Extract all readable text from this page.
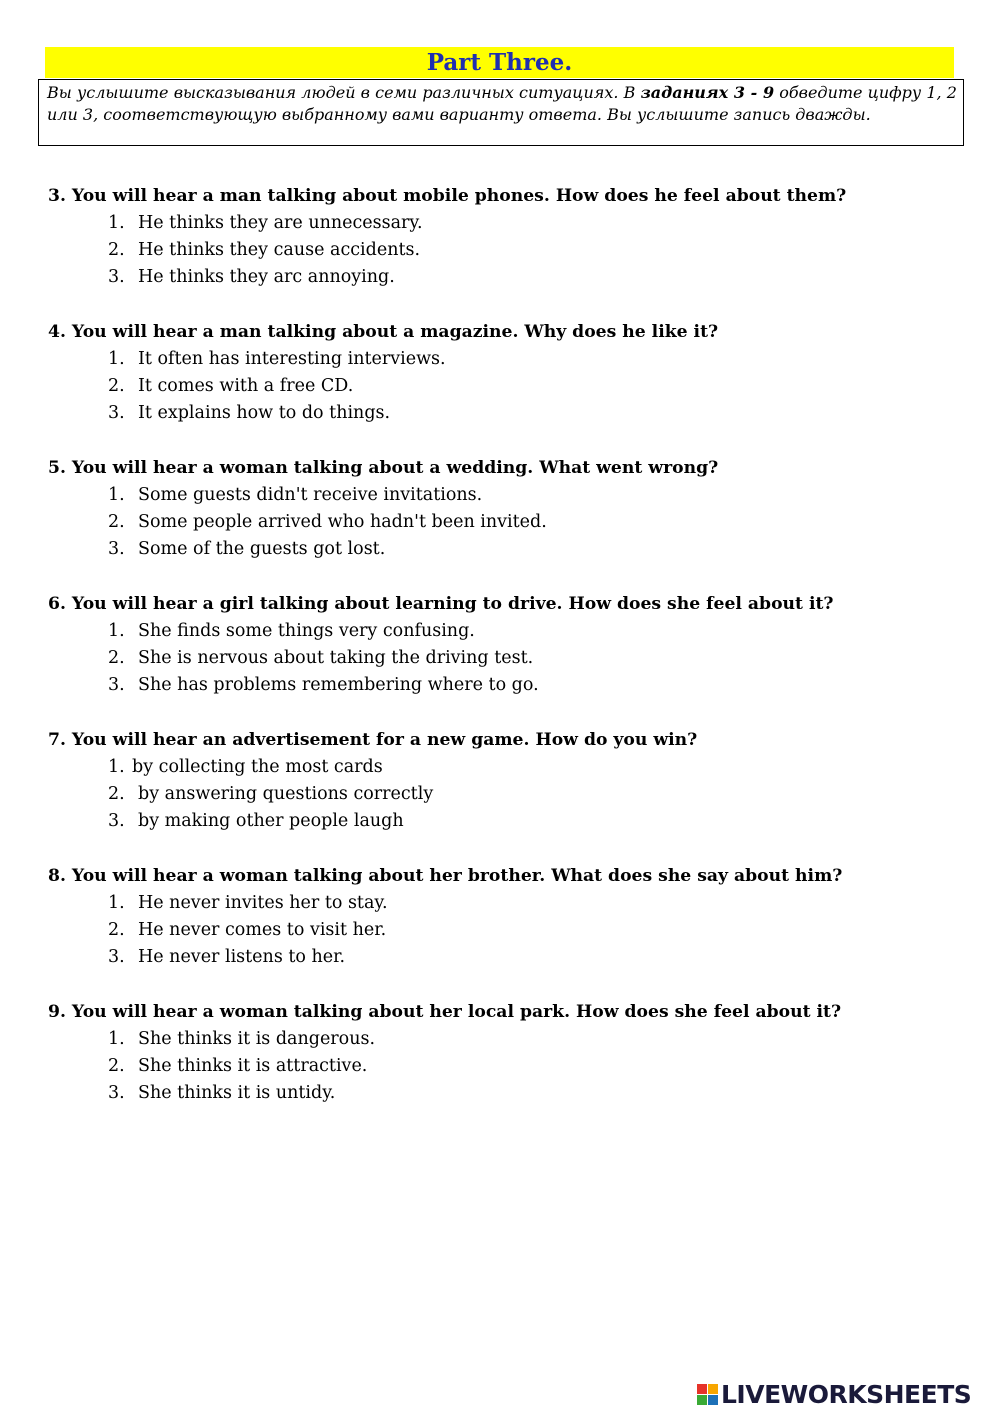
Part Three.
Вы услышите высказывания людей в семи различных ситуациях. В заданиях 3 - 9 обведите цифру 1, 2 или 3, соответствующую выбранному вами варианту ответа. Вы услышите запись дважды.
3. You will hear a man talking about mobile phones. How does he feel about them?
1. He thinks they are unnecessary.
2. He thinks they cause accidents.
3. He thinks they arc annoying.
4. You will hear a man talking about a magazine. Why does he like it?
1. It often has interesting interviews.
2. It comes with a free CD.
3. It explains how to do things.
5. You will hear a woman talking about a wedding. What went wrong?
1. Some guests didn't receive invitations.
2. Some people arrived who hadn't been invited.
3. Some of the guests got lost.
6. You will hear a girl talking about learning to drive. How does she feel about it?
1. She finds some things very confusing.
2. She is nervous about taking the driving test.
3. She has problems remembering where to go.
7. You will hear an advertisement for a new game. How do you win?
1. by collecting the most cards
2. by answering questions correctly
3. by making other people laugh
8. You will hear a woman talking about her brother. What does she say about him?
1. He never invites her to stay.
2. He never comes to visit her.
3. He never listens to her.
9. You will hear a woman talking about her local park. How does she feel about it?
1. She thinks it is dangerous.
2. She thinks it is attractive.
3. She thinks it is untidy.
LIVEWORKSHEETS
